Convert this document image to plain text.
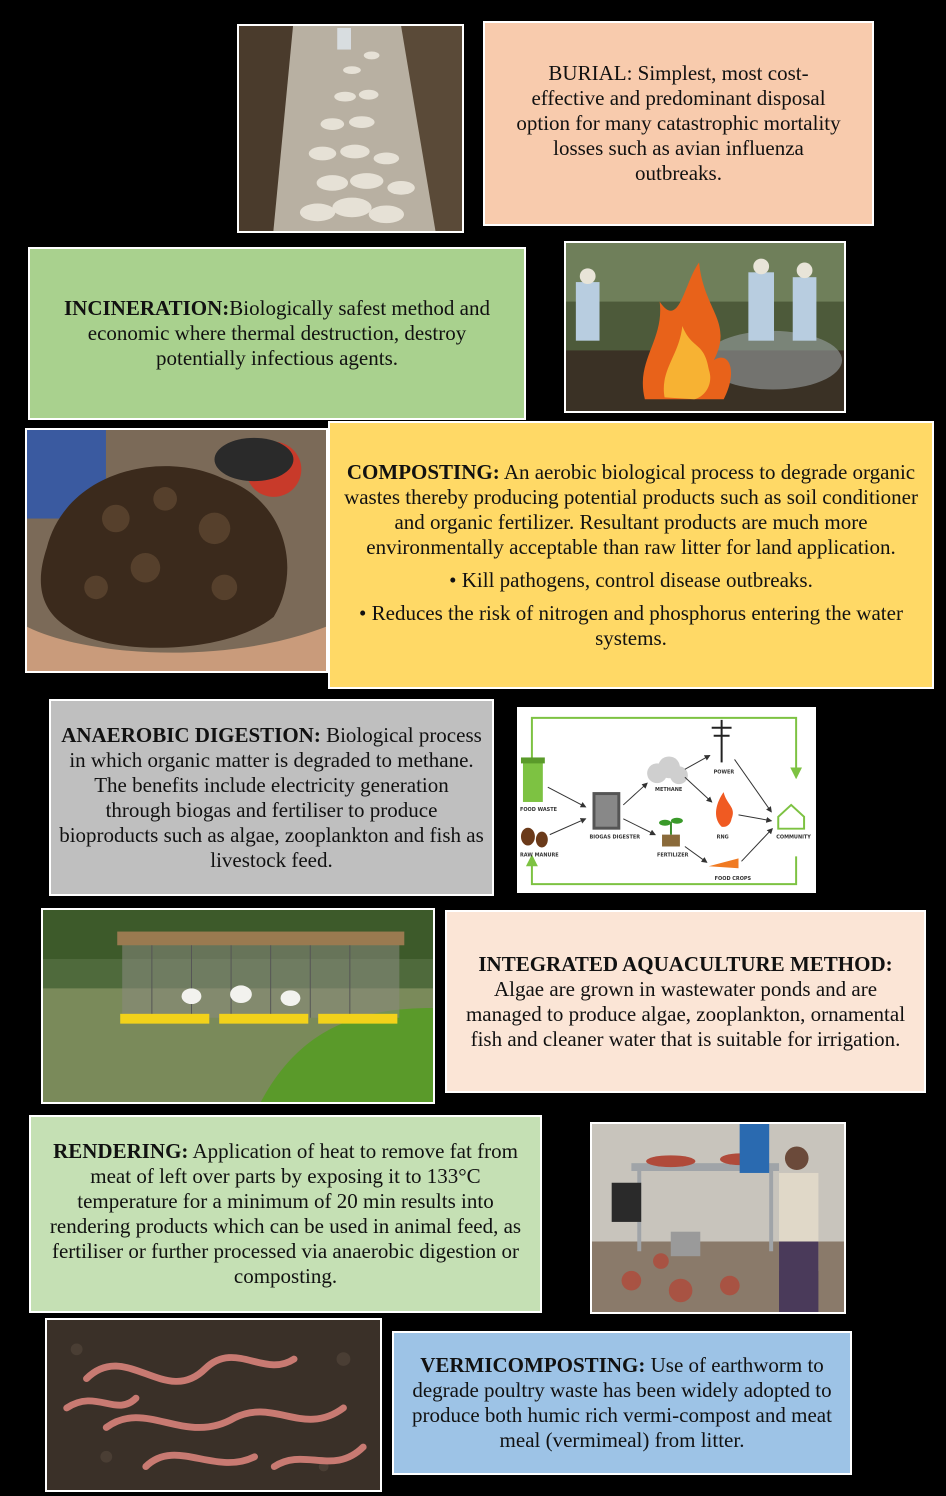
BURIAL: Simplest, most cost-effective and predominant disposal option for many catastrophic mortality losses such as avian influenza outbreaks.

INCINERATION:Biologically safest method and economic where thermal destruction, destroy potentially infectious agents.

COMPOSTING: An aerobic biological process to degrade organic wastes thereby producing potential products such as soil conditioner and organic fertilizer. Resultant products are much more environmentally acceptable than raw litter for land application.

• Kill pathogens, control disease outbreaks.

• Reduces the risk of nitrogen and phosphorus entering the water systems.

ANAEROBIC DIGESTION: Biological process in which organic matter is degraded to methane. The benefits include electricity generation through biogas and fertiliser to produce bioproducts such as algae, zooplankton and fish as livestock feed.

FOOD WASTE
RAW MANURE
BIOGAS DIGESTER
METHANE
FERTILIZER
POWER
RNG
FOOD CROPS
COMMUNITY

INTEGRATED AQUACULTURE METHOD: Algae are grown in wastewater ponds and are managed to produce algae, zooplankton, ornamental fish and cleaner water that is suitable for irrigation.

RENDERING: Application of heat to remove fat from meat of left over parts by exposing it to 133°C temperature for a minimum of 20 min results into rendering products which can be used in animal feed, as fertiliser or further processed via anaerobic digestion or composting.

VERMICOMPOSTING: Use of earthworm to degrade poultry waste has been widely adopted to produce both humic rich vermi-compost and meat meal (vermimeal) from litter.
